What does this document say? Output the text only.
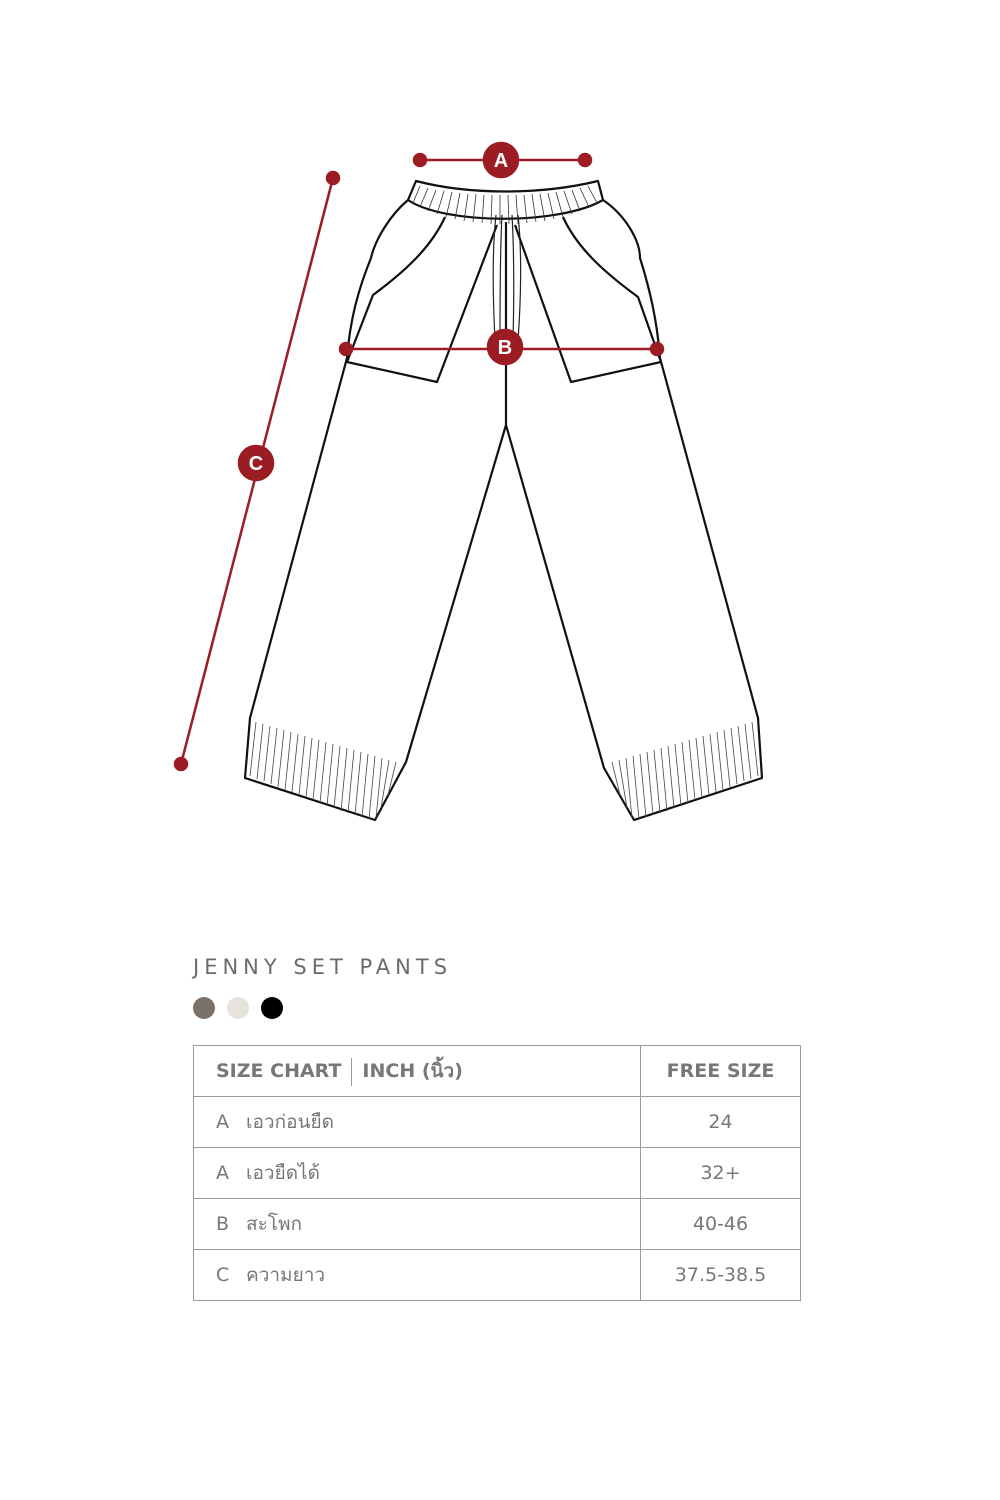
A
B
C
JENNY SET PANTS
SIZE CHART INCH (นิ้ว)	FREE SIZE
A เอวก่อนยืด	24
A เอวยืดได้	32+
B สะโพก	40-46
C ความยาว	37.5-38.5
